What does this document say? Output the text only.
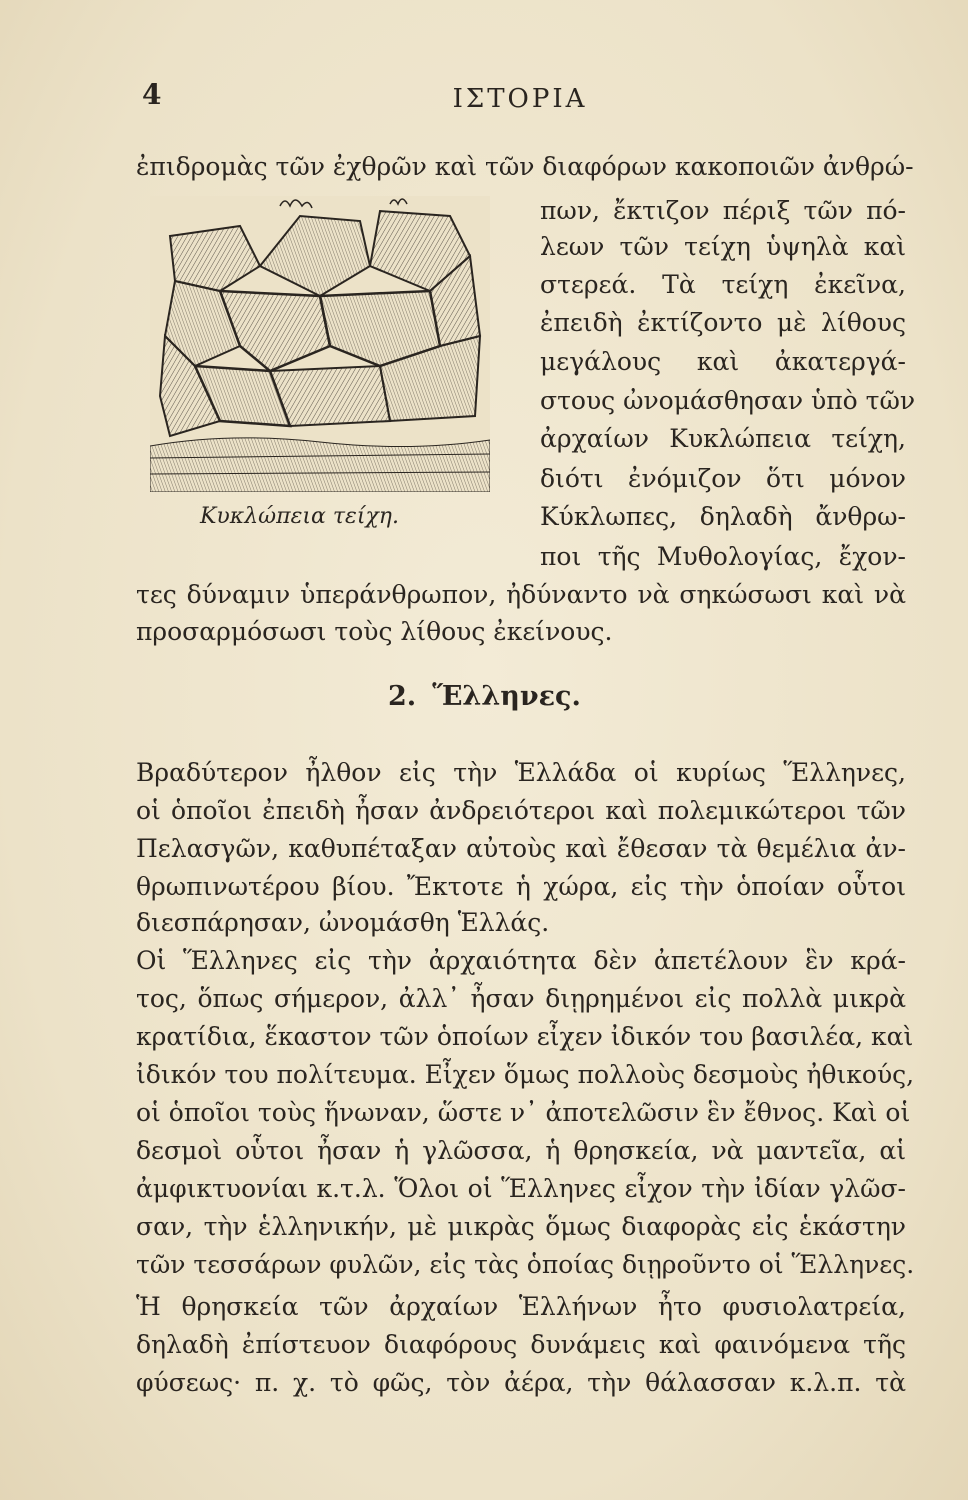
4	ΙΣΤΟΡΙΑ
Κυκλώπεια τείχη.
ἐπιδρομὰς τῶν ἐχθρῶν καὶ τῶν διαφόρων κακοποιῶν ἀνθρώ-
πων, ἔκτιζον πέριξ τῶν πό-
λεων τῶν τείχη ὑψηλὰ καὶ
στερεά. Τὰ τείχη ἐκεῖνα,
ἐπειδὴ ἐκτίζοντο μὲ λίθους
μεγάλους καὶ ἀκατεργά-
στους ὠνομάσθησαν ὑπὸ τῶν
ἀρχαίων Κυκλώπεια τείχη,
διότι ἐνόμιζον ὅτι μόνον
Κύκλωπες, δηλαδὴ ἄνθρω-
ποι τῆς Μυθολογίας, ἔχον-
τες δύναμιν ὑπεράνθρωπον, ἠδύναντο νὰ σηκώσωσι καὶ νὰ
προσαρμόσωσι τοὺς λίθους ἐκείνους.
2. Ἕλληνες.
Βραδύτερον ἦλθον εἰς τὴν Ἑλλάδα οἱ κυρίως Ἕλληνες,
οἱ ὁποῖοι ἐπειδὴ ἦσαν ἀνδρειότεροι καὶ πολεμικώτεροι τῶν
Πελασγῶν, καθυπέταξαν αὐτοὺς καὶ ἔθεσαν τὰ θεμέλια ἀν-
θρωπινωτέρου βίου. Ἔκτοτε ἡ χώρα, εἰς τὴν ὁποίαν οὗτοι
διεσπάρησαν, ὠνομάσθη Ἑλλάς.
Οἱ Ἕλληνες εἰς τὴν ἀρχαιότητα δὲν ἀπετέλουν ἓν κρά-
τος, ὅπως σήμερον, ἀλλ᾽ ἦσαν διῃρημένοι εἰς πολλὰ μικρὰ
κρατίδια, ἕκαστον τῶν ὁποίων εἶχεν ἰδικόν του βασιλέα, καὶ
ἰδικόν του πολίτευμα. Εἶχεν ὅμως πολλοὺς δεσμοὺς ἠθικούς,
οἱ ὁποῖοι τοὺς ἥνωναν, ὥστε ν᾽ ἀποτελῶσιν ἓν ἔθνος. Καὶ οἱ
δεσμοὶ οὗτοι ἦσαν ἡ γλῶσσα, ἡ θρησκεία, νὰ μαντεῖα, αἱ
ἀμφικτυονίαι κ.τ.λ. Ὅλοι οἱ Ἕλληνες εἶχον τὴν ἰδίαν γλῶσ-
σαν, τὴν ἑλληνικήν, μὲ μικρὰς ὅμως διαφορὰς εἰς ἑκάστην
τῶν τεσσάρων φυλῶν, εἰς τὰς ὁποίας διῃροῦντο οἱ Ἕλληνες.
Ἡ θρησκεία τῶν ἀρχαίων Ἑλλήνων ἦτο φυσιολατρεία,
δηλαδὴ ἐπίστευον διαφόρους δυνάμεις καὶ φαινόμενα τῆς
φύσεως· π. χ. τὸ φῶς, τὸν ἀέρα, τὴν θάλασσαν κ.λ.π. τὰ
